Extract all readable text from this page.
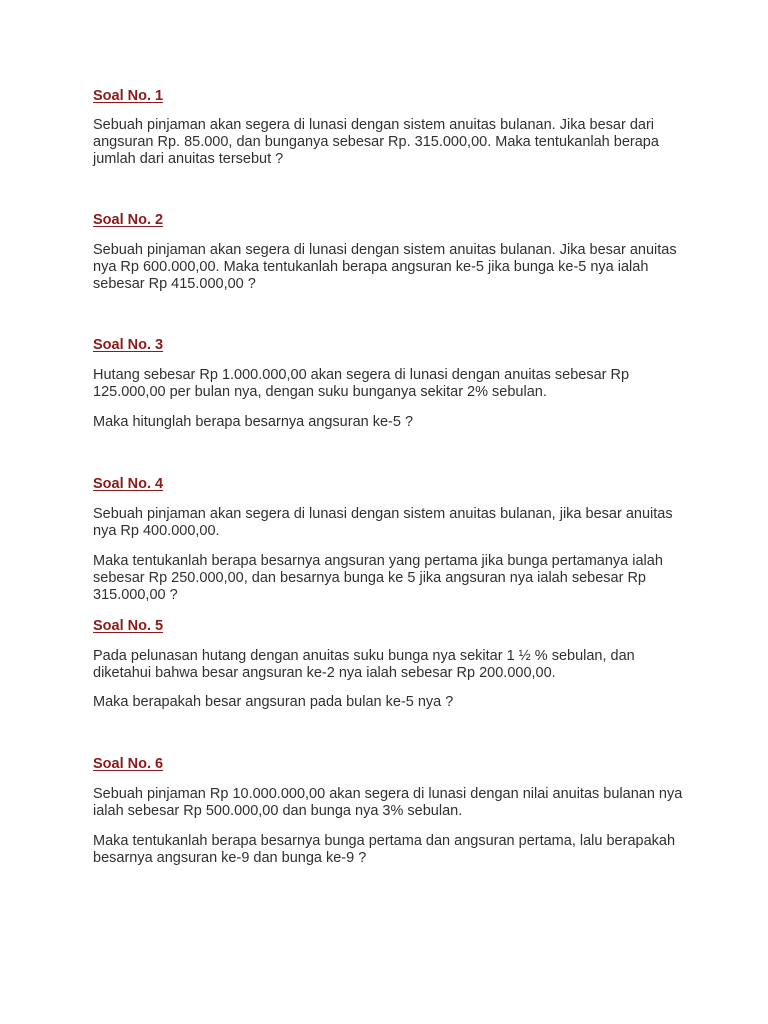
Soal No. 1

Sebuah pinjaman akan segera di lunasi dengan sistem anuitas bulanan. Jika besar dari angsuran Rp. 85.000, dan bunganya sebesar Rp. 315.000,00. Maka tentukanlah berapa jumlah dari anuitas tersebut ?

Soal No. 2

Sebuah pinjaman akan segera di lunasi dengan sistem anuitas bulanan. Jika besar anuitas nya Rp 600.000,00. Maka tentukanlah berapa angsuran ke-5 jika bunga ke-5 nya ialah sebesar Rp 415.000,00 ?

Soal No. 3

Hutang sebesar Rp 1.000.000,00 akan segera di lunasi dengan anuitas sebesar Rp 125.000,00 per bulan nya, dengan suku bunganya sekitar 2% sebulan.

Maka hitunglah berapa besarnya angsuran ke-5 ?

Soal No. 4

Sebuah pinjaman akan segera di lunasi dengan sistem anuitas bulanan, jika besar anuitas nya Rp 400.000,00.

Maka tentukanlah berapa besarnya angsuran yang pertama jika bunga pertamanya ialah sebesar Rp 250.000,00, dan besarnya bunga ke 5 jika angsuran nya ialah sebesar Rp 315.000,00 ?

Soal No. 5

Pada pelunasan hutang dengan anuitas suku bunga nya sekitar 1 ½ % sebulan, dan diketahui bahwa besar angsuran ke-2 nya ialah sebesar Rp 200.000,00.

Maka berapakah besar angsuran pada bulan ke-5 nya ?

Soal No. 6

Sebuah pinjaman Rp 10.000.000,00 akan segera di lunasi dengan nilai anuitas bulanan nya ialah sebesar Rp 500.000,00 dan bunga nya 3% sebulan.

Maka tentukanlah berapa besarnya bunga pertama dan angsuran pertama, lalu berapakah besarnya angsuran ke-9 dan bunga ke-9 ?
